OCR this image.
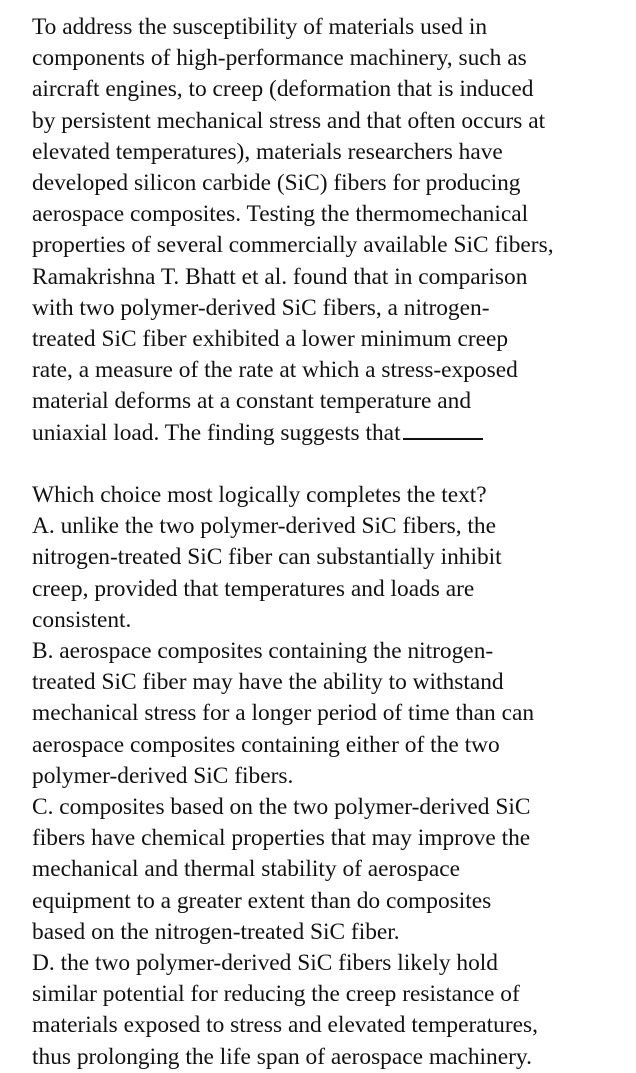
To address the susceptibility of materials used in
components of high-performance machinery, such as
aircraft engines, to creep (deformation that is induced
by persistent mechanical stress and that often occurs at
elevated temperatures), materials researchers have
developed silicon carbide (SiC) fibers for producing
aerospace composites. Testing the thermomechanical
properties of several commercially available SiC fibers,
Ramakrishna T. Bhatt et al. found that in comparison
with two polymer-derived SiC fibers, a nitrogen-
treated SiC fiber exhibited a lower minimum creep
rate, a measure of the rate at which a stress-exposed
material deforms at a constant temperature and
uniaxial load. The finding suggests that
Which choice most logically completes the text?
A. unlike the two polymer-derived SiC fibers, the
nitrogen-treated SiC fiber can substantially inhibit
creep, provided that temperatures and loads are
consistent.
B. aerospace composites containing the nitrogen-
treated SiC fiber may have the ability to withstand
mechanical stress for a longer period of time than can
aerospace composites containing either of the two
polymer-derived SiC fibers.
C. composites based on the two polymer-derived SiC
fibers have chemical properties that may improve the
mechanical and thermal stability of aerospace
equipment to a greater extent than do composites
based on the nitrogen-treated SiC fiber.
D. the two polymer-derived SiC fibers likely hold
similar potential for reducing the creep resistance of
materials exposed to stress and elevated temperatures,
thus prolonging the life span of aerospace machinery.
